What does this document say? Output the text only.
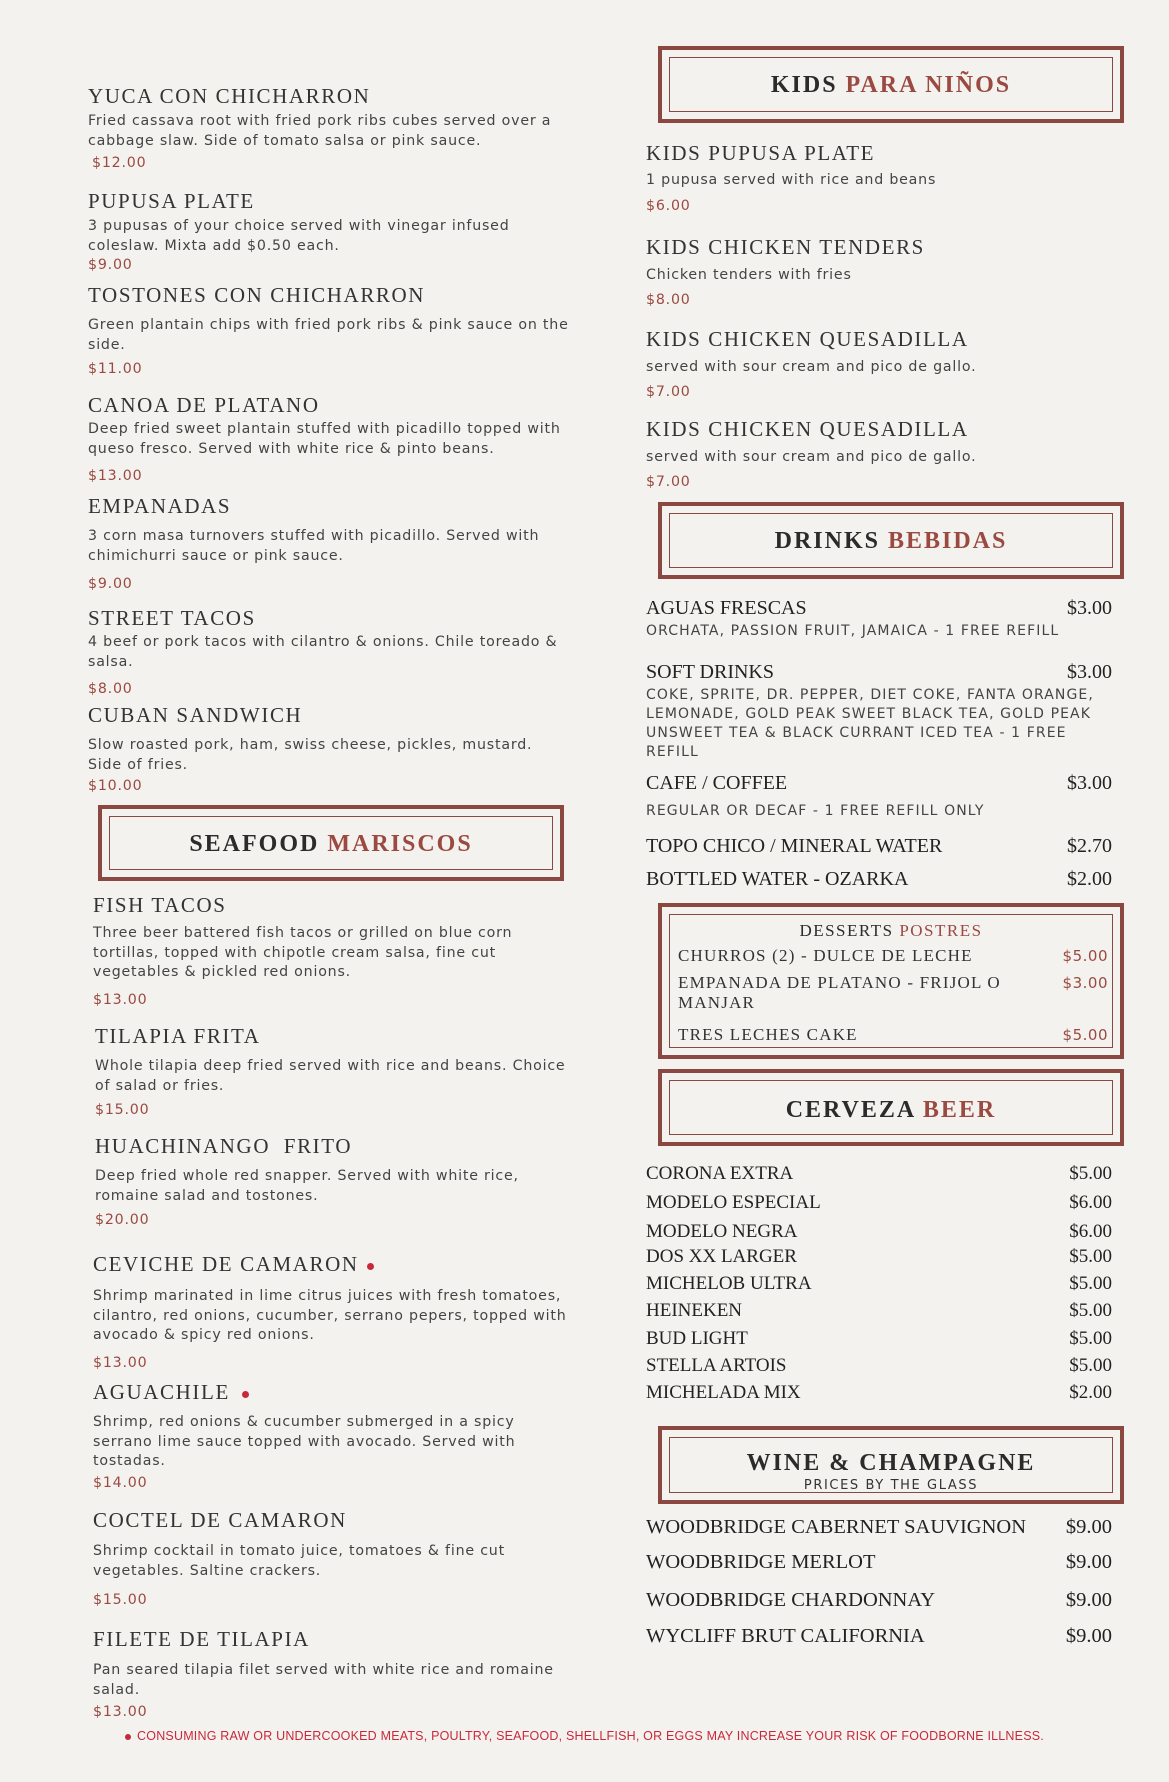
YUCA CON CHICHARRON
Fried cassava root with fried pork ribs cubes served over a cabbage slaw. Side of tomato salsa or pink sauce.
$12.00
PUPUSA PLATE
3 pupusas of your choice served with vinegar infused coleslaw. Mixta add $0.50 each.
$9.00
TOSTONES CON CHICHARRON
Green plantain chips with fried pork ribs & pink sauce on the side.
$11.00
CANOA DE PLATANO
Deep fried sweet plantain stuffed with picadillo topped with queso fresco. Served with white rice & pinto beans.
$13.00
EMPANADAS
3 corn masa turnovers stuffed with picadillo. Served with chimichurri sauce or pink sauce.
$9.00
STREET TACOS
4 beef or pork tacos with cilantro & onions. Chile toreado & salsa.
$8.00
CUBAN SANDWICH
Slow roasted pork, ham, swiss cheese, pickles, mustard. Side of fries.
$10.00
SEAFOOD MARISCOS
FISH TACOS
Three beer battered fish tacos or grilled on blue corn tortillas, topped with chipotle cream salsa, fine cut vegetables & pickled red onions.
$13.00
TILAPIA FRITA
Whole tilapia deep fried served with rice and beans. Choice of salad or fries.
$15.00
HUACHINANGO  FRITO
Deep fried whole red snapper. Served with white rice, romaine salad and tostones.
$20.00
CEVICHE DE CAMARON
Shrimp marinated in lime citrus juices with fresh tomatoes, cilantro, red onions, cucumber, serrano pepers, topped with avocado & spicy red onions.
$13.00
AGUACHILE
Shrimp, red onions & cucumber submerged in a spicy serrano lime sauce topped with avocado. Served with tostadas.
$14.00
COCTEL DE CAMARON
Shrimp cocktail in tomato juice, tomatoes & fine cut vegetables. Saltine crackers.
$15.00
FILETE DE TILAPIA
Pan seared tilapia filet served with white rice and romaine salad.
$13.00
KIDS PARA NIÑOS
KIDS PUPUSA PLATE
1 pupusa served with rice and beans
$6.00
KIDS CHICKEN TENDERS
Chicken tenders with fries
$8.00
KIDS CHICKEN QUESADILLA
served with sour cream and pico de gallo.
$7.00
KIDS CHICKEN QUESADILLA
served with sour cream and pico de gallo.
$7.00
DRINKS BEBIDAS
AGUAS FRESCAS	$3.00
ORCHATA, PASSION FRUIT, JAMAICA - 1 FREE REFILL
SOFT DRINKS	$3.00
COKE, SPRITE, DR. PEPPER, DIET COKE, FANTA ORANGE, LEMONADE, GOLD PEAK SWEET BLACK TEA, GOLD PEAK UNSWEET TEA & BLACK CURRANT ICED TEA - 1 FREE REFILL
CAFE / COFFEE	$3.00
REGULAR OR DECAF - 1 FREE REFILL ONLY
TOPO CHICO / MINERAL WATER	$2.70
BOTTLED WATER - OZARKA	$2.00
DESSERTS POSTRES
CHURROS (2) - DULCE DE LECHE	$5.00
EMPANADA DE PLATANO - FRIJOL O MANJAR
$3.00
TRES LECHES CAKE	$5.00
CERVEZA BEER
CORONA EXTRA	$5.00
MODELO ESPECIAL	$6.00
MODELO NEGRA	$6.00
DOS XX LARGER	$5.00
MICHELOB ULTRA	$5.00
HEINEKEN	$5.00
BUD LIGHT	$5.00
STELLA ARTOIS	$5.00
MICHELADA MIX	$2.00
WINE & CHAMPAGNE
PRICES BY THE GLASS
WOODBRIDGE CABERNET SAUVIGNON $9.00
WOODBRIDGE MERLOT	$9.00
WOODBRIDGE CHARDONNAY	$9.00
WYCLIFF BRUT CALIFORNIA	$9.00
CONSUMING RAW OR UNDERCOOKED MEATS, POULTRY, SEAFOOD, SHELLFISH, OR EGGS MAY INCREASE YOUR RISK OF FOODBORNE ILLNESS.
